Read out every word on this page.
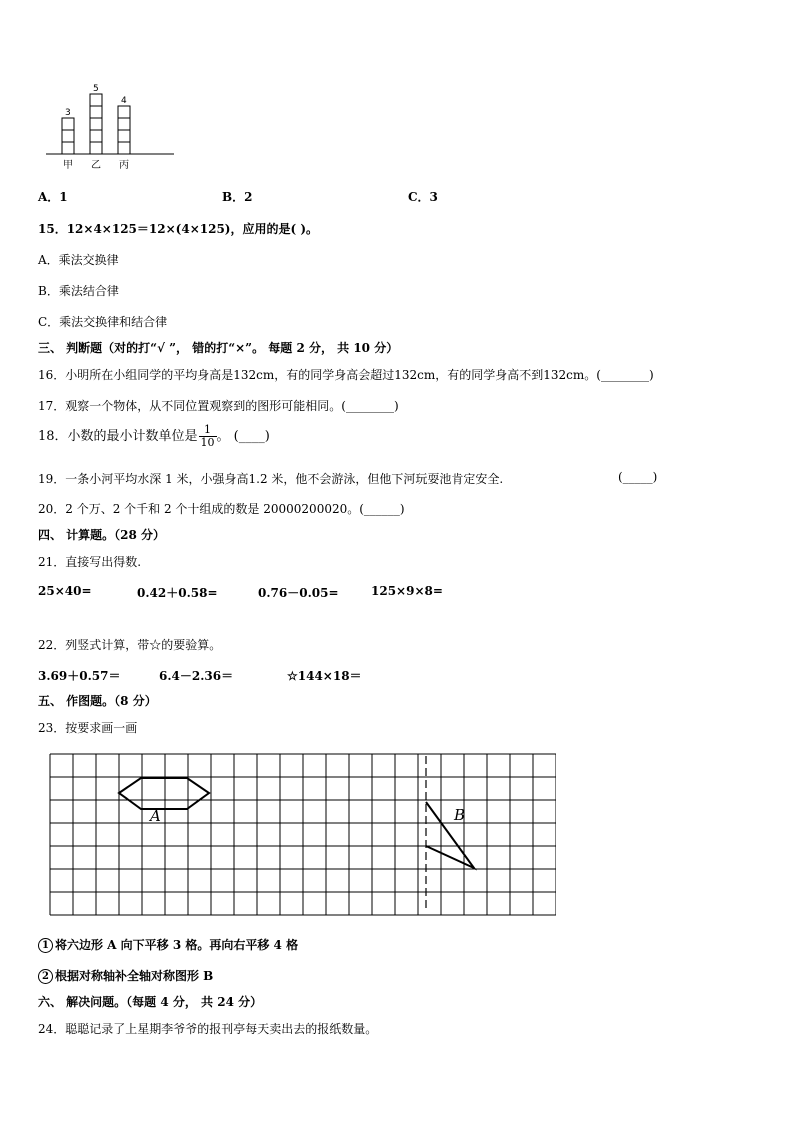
3
5
4
甲 乙 丙
A．1	B．2	C．3
15．12×4×125＝12×(4×125)，应用的是( )。
A．乘法交换律
B．乘法结合律
C．乘法交换律和结合律
三、 判断题（对的打“√ ”， 错的打“×”。 每题 2 分， 共 10 分）
16．小明所在小组同学的平均身高是132cm，有的同学身高会超过132cm，有的同学身高不到132cm。(________)
17．观察一个物体，从不同位置观察到的图形可能相同。(________)
18．小数的最小计数单位是 $\frac{1}{10}$ 。 (____)
19．一条小河平均水深 1 米，小强身高1.2 米，他不会游泳，但他下河玩耍池肯定安全.	(_____)
20．2 个万、2 个千和 2 个十组成的数是 20000200020。(______)
四、 计算题。（28 分）
21．直接写出得数.
25×40=	0.42＋0.58=	0.76－0.05=	125×9×8=
22．列竖式计算，带☆的要验算。
3.69＋0.57＝	6.4－2.36＝	☆144×18＝
五、 作图题。（8 分）
23．按要求画一画
A	B
1 将六边形 A 向下平移 3 格。再向右平移 4 格
2 根据对称轴补全轴对称图形 B
六、 解决问题。（每题 4 分， 共 24 分）
24．聪聪记录了上星期李爷爷的报刊亭每天卖出去的报纸数量。
